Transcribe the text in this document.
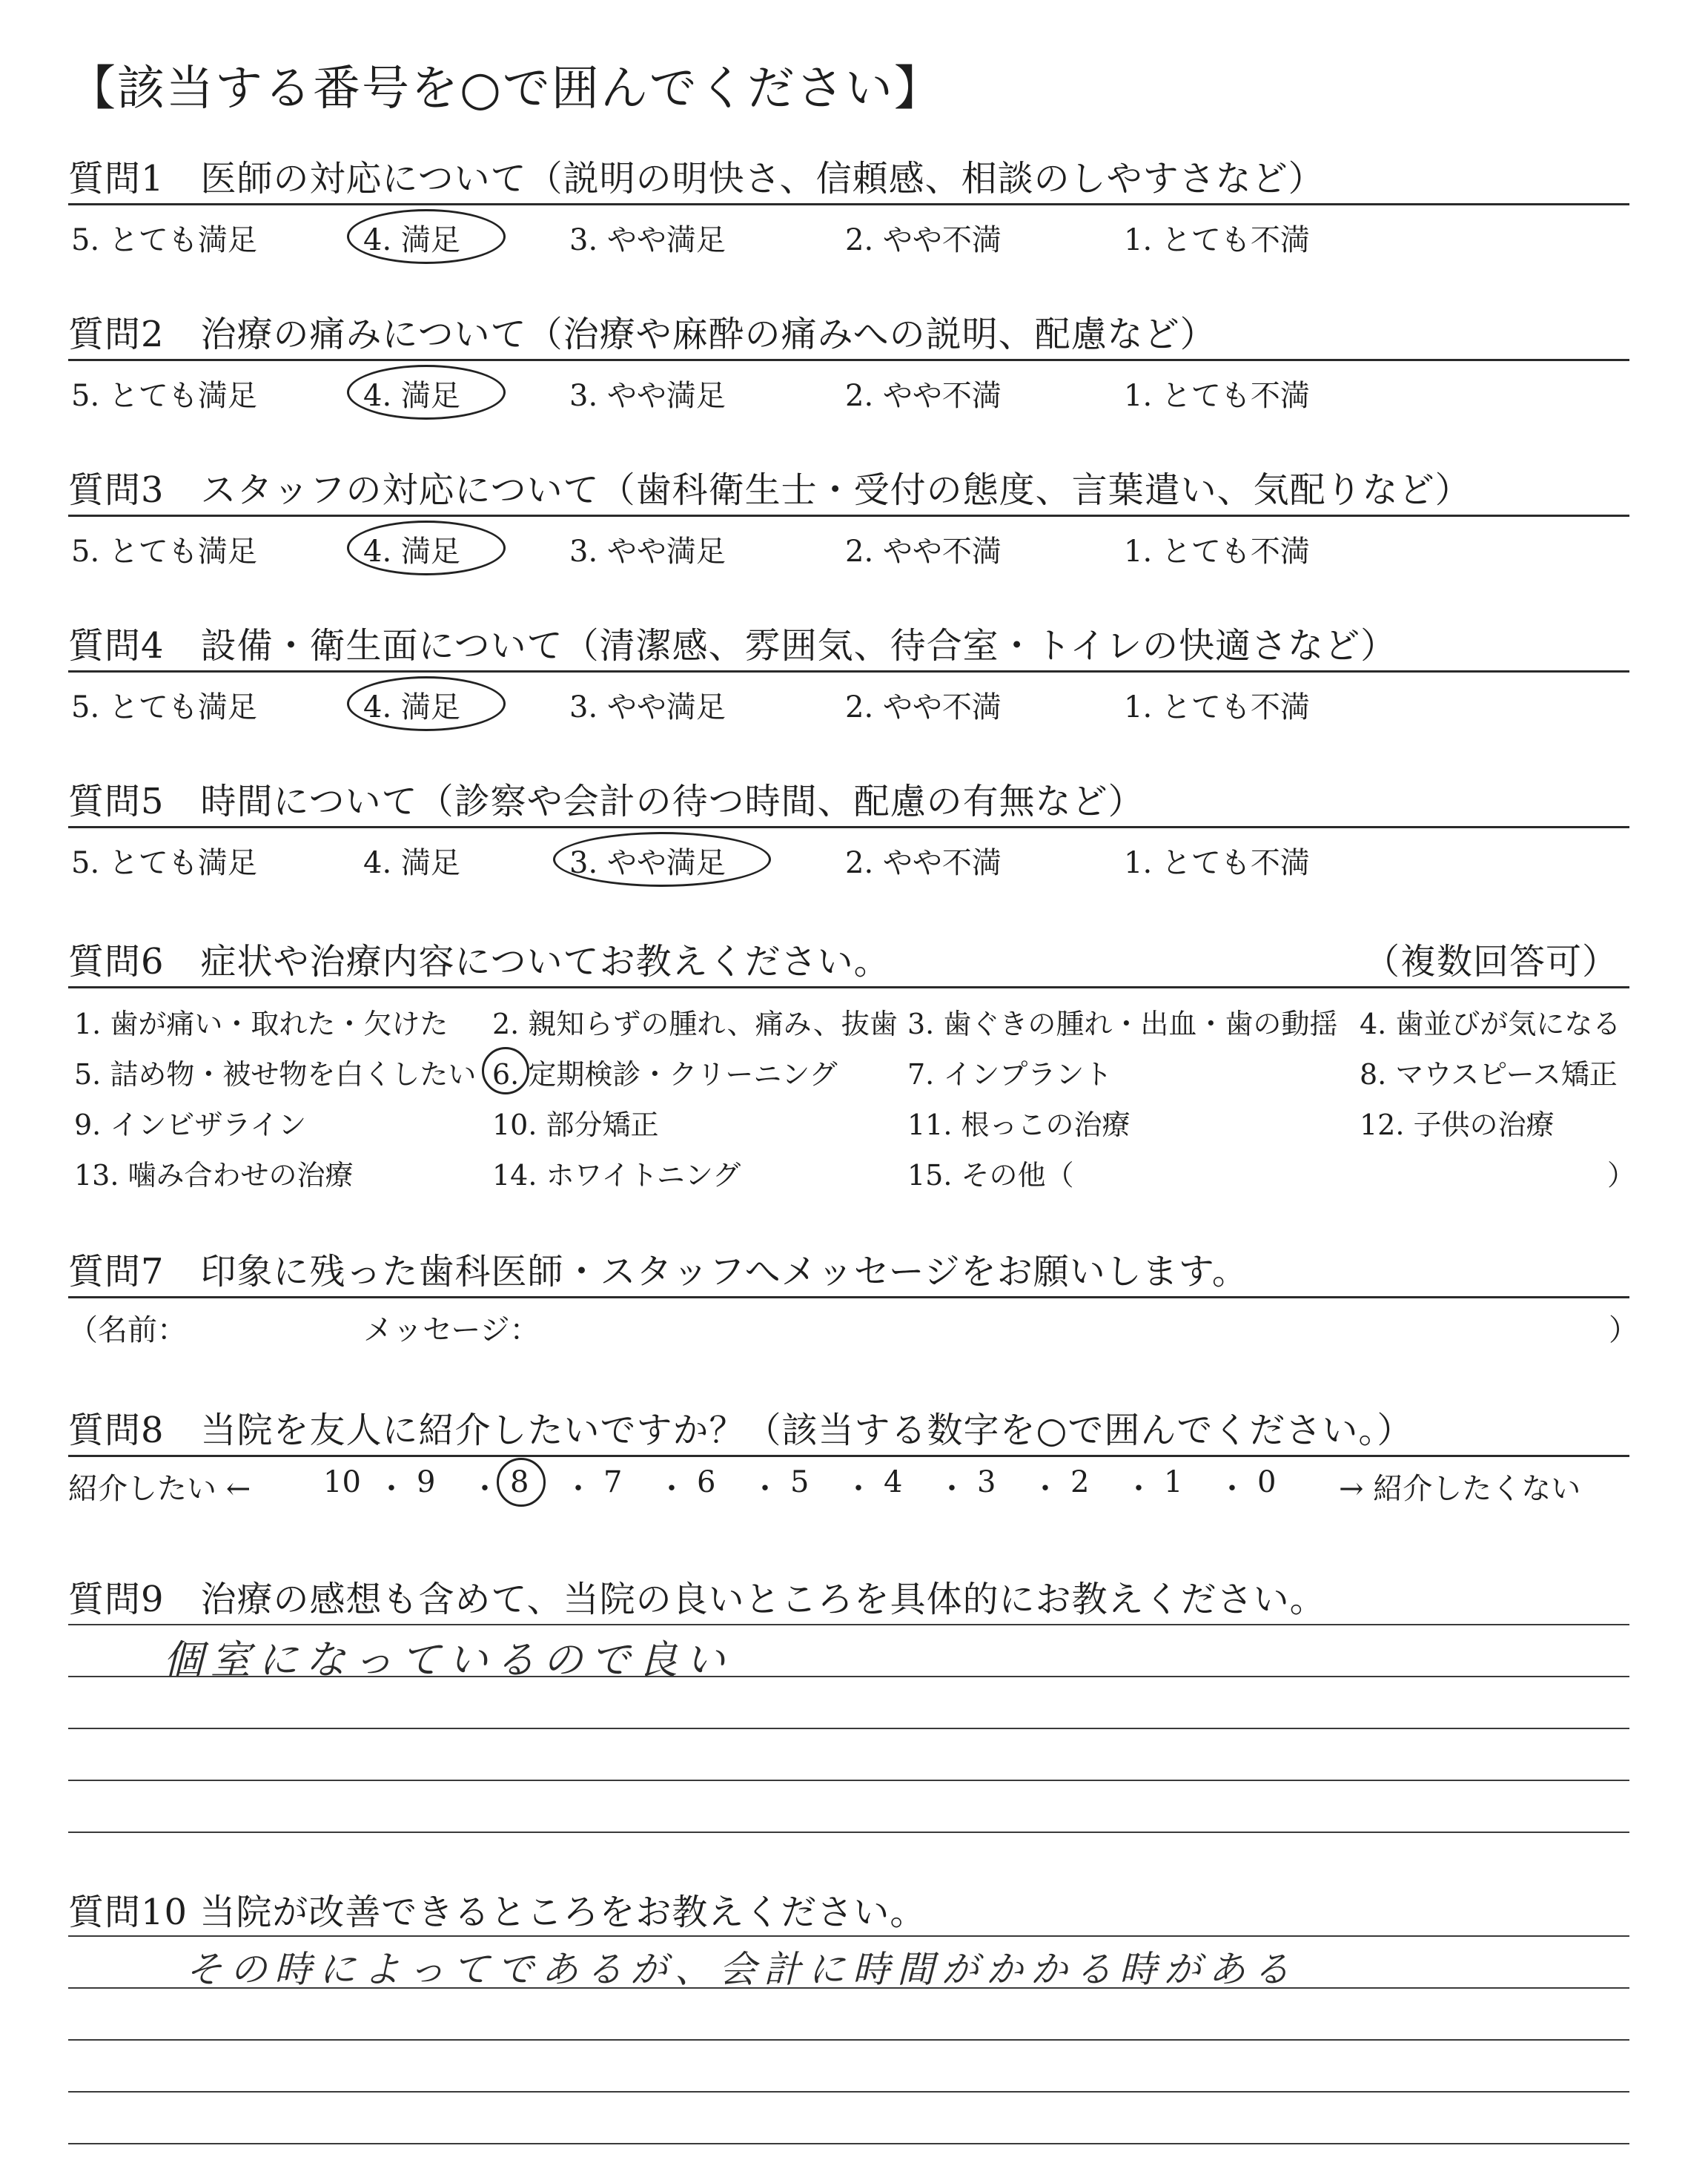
【該当する番号を○で囲んでください】
質問1　医師の対応について（説明の明快さ、信頼感、相談のしやすさなど）
5. とても満足	4. 満足	3. やや満足	2. やや不満	1. とても不満
質問2　治療の痛みについて（治療や麻酔の痛みへの説明、配慮など）
5. とても満足	4. 満足	3. やや満足	2. やや不満	1. とても不満
質問3　スタッフの対応について（歯科衛生士・受付の態度、言葉遣い、気配りなど）
5. とても満足	4. 満足	3. やや満足	2. やや不満	1. とても不満
質問4　設備・衛生面について（清潔感、雰囲気、待合室・トイレの快適さなど）
5. とても満足	4. 満足	3. やや満足	2. やや不満	1. とても不満
質問5　時間について（診察や会計の待つ時間、配慮の有無など）
5. とても満足	4. 満足	3. やや満足	2. やや不満	1. とても不満
質問6　症状や治療内容についてお教えください。	（複数回答可）
1. 歯が痛い・取れた・欠けた 2. 親知らずの腫れ、痛み、抜歯 3. 歯ぐきの腫れ・出血・歯の動揺 4. 歯並びが気になる
5. 詰め物・被せ物を白くしたい 6. 定期検診・クリーニング 7. インプラント	8. マウスピース矯正
9. インビザライン	10. 部分矯正	11. 根っこの治療	12. 子供の治療
13. 噛み合わせの治療	14. ホワイトニング	15. その他（	）
質問7　印象に残った歯科医師・スタッフへメッセージをお願いします。
（名前：	メッセージ：	）
質問8　当院を友人に紹介したいですか？（該当する数字を○で囲んでください。）
紹介したい ←	→ 紹介したくない
10 ・ 9 ・ 8 ・ 7 ・ 6 ・ 5 ・ 4 ・ 3 ・ 2 ・ 1 ・ 0
質問9　治療の感想も含めて、当院の良いところを具体的にお教えください。
個室になっているので良い
質問10 当院が改善できるところをお教えください。
その時によってであるが、会計に時間がかかる時がある
